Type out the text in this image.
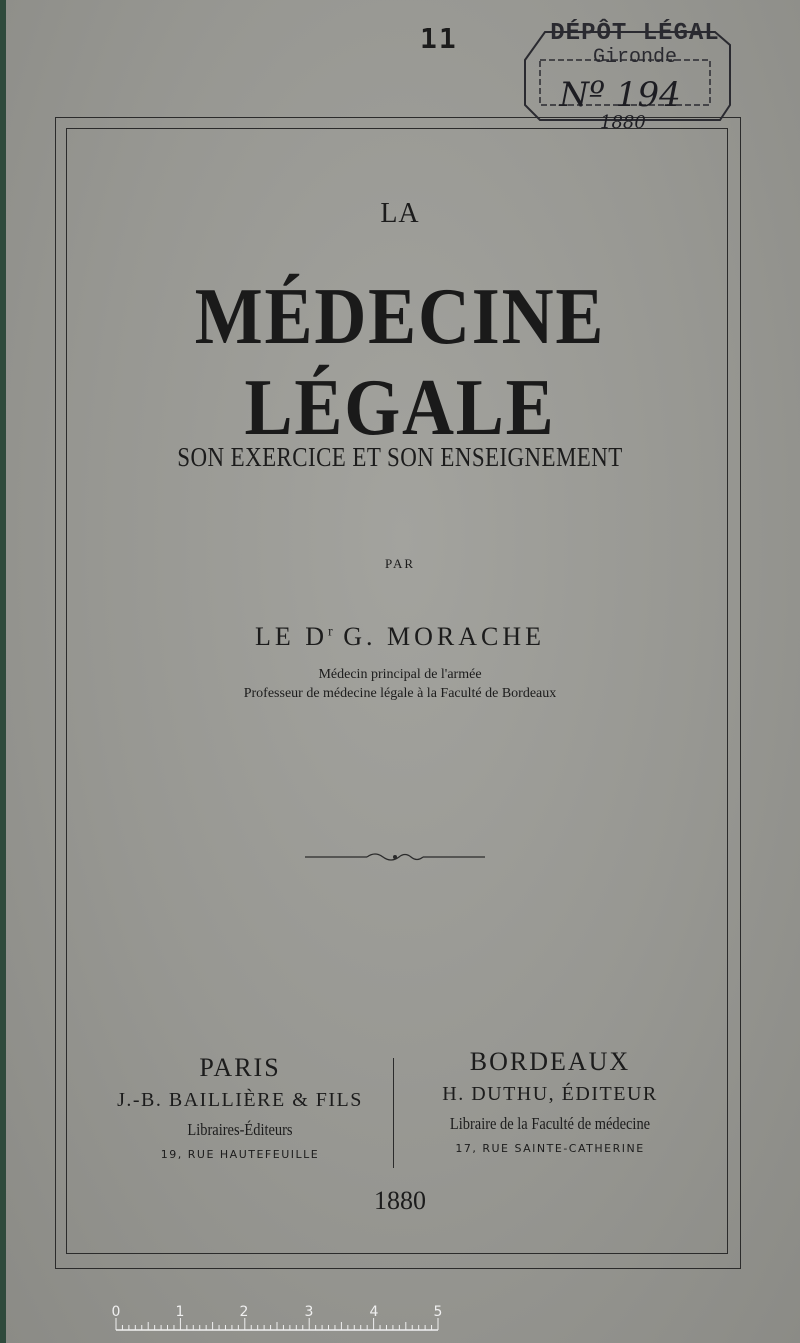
11	DÉPÔT LÉGAL
Gironde
Nº 194
1880
LA
MÉDECINE LÉGALE
SON EXERCICE ET SON ENSEIGNEMENT
PAR
LE $D^r$ G. MORACHE
Médecin principal de l'armée
Professeur de médecine légale à la Faculté de Bordeaux
PARIS
J.-B. BAILLIÈRE & FILS
Libraires-Éditeurs
19, RUE HAUTEFEUILLE
BORDEAUX
H. DUTHU, ÉDITEUR
Libraire de la Faculté de médecine
17, RUE SAINTE-CATHERINE
1880
0	1	2	3	4	5
